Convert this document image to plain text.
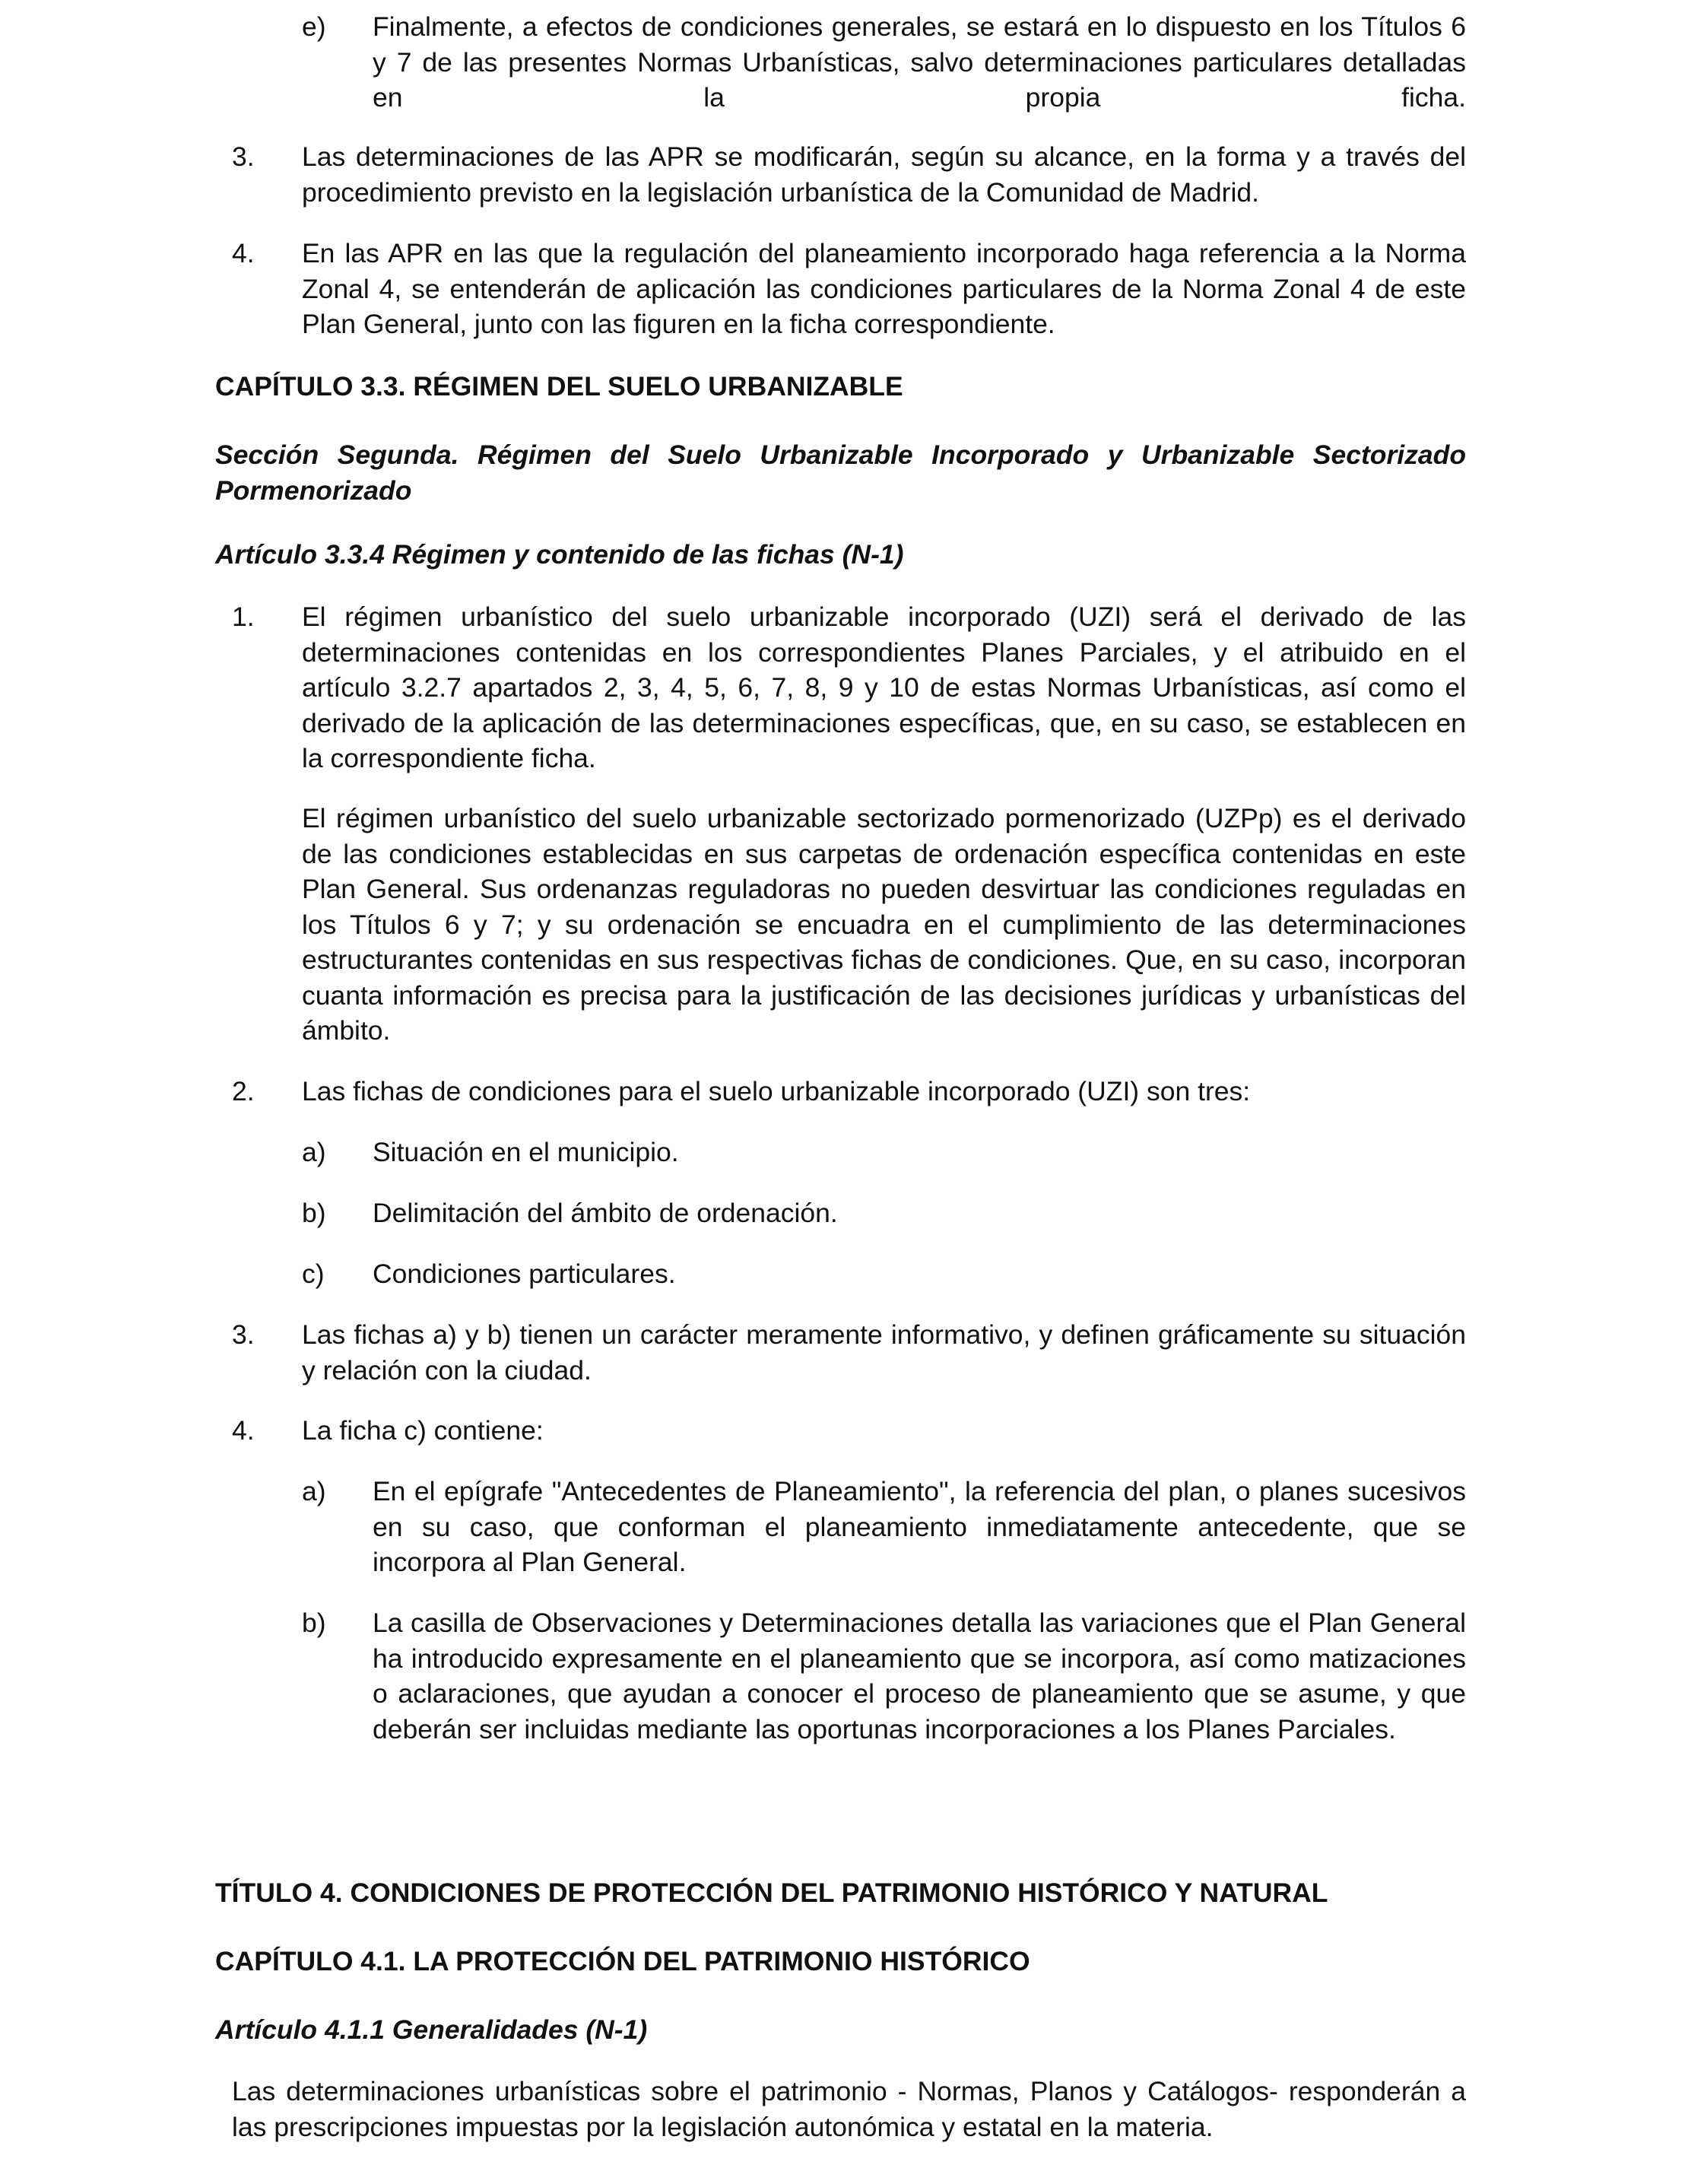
e) Finalmente, a efectos de condiciones generales, se estará en lo dispuesto en los Títulos 6 y 7 de las presentes Normas Urbanísticas, salvo determinaciones particulares detalladas en la propia ficha.

3. Las determinaciones de las APR se modificarán, según su alcance, en la forma y a través del procedimiento previsto en la legislación urbanística de la Comunidad de Madrid.

4. En las APR en las que la regulación del planeamiento incorporado haga referencia a la Norma Zonal 4, se entenderán de aplicación las condiciones particulares de la Norma Zonal 4 de este Plan General, junto con las figuren en la ficha correspondiente.

CAPÍTULO 3.3. RÉGIMEN DEL SUELO URBANIZABLE

Sección Segunda. Régimen del Suelo Urbanizable Incorporado y Urbanizable Sectorizado Pormenorizado

Artículo 3.3.4 Régimen y contenido de las fichas (N-1)

1. El régimen urbanístico del suelo urbanizable incorporado (UZI) será el derivado de las determinaciones contenidas en los correspondientes Planes Parciales, y el atribuido en el artículo 3.2.7 apartados 2, 3, 4, 5, 6, 7, 8, 9 y 10 de estas Normas Urbanísticas, así como el derivado de la aplicación de las determinaciones específicas, que, en su caso, se establecen en la correspondiente ficha.

El régimen urbanístico del suelo urbanizable sectorizado pormenorizado (UZPp) es el derivado de las condiciones establecidas en sus carpetas de ordenación específica contenidas en este Plan General. Sus ordenanzas reguladoras no pueden desvirtuar las condiciones reguladas en los Títulos 6 y 7; y su ordenación se encuadra en el cumplimiento de las determinaciones estructurantes contenidas en sus respectivas fichas de condiciones. Que, en su caso, incorporan cuanta información es precisa para la justificación de las decisiones jurídicas y urbanísticas del ámbito.

2. Las fichas de condiciones para el suelo urbanizable incorporado (UZI) son tres:

a) Situación en el municipio.

b) Delimitación del ámbito de ordenación.

c) Condiciones particulares.

3. Las fichas a) y b) tienen un carácter meramente informativo, y definen gráficamente su situación y relación con la ciudad.

4. La ficha c) contiene:

a) En el epígrafe "Antecedentes de Planeamiento", la referencia del plan, o planes sucesivos en su caso, que conforman el planeamiento inmediatamente antecedente, que se incorpora al Plan General.

b) La casilla de Observaciones y Determinaciones detalla las variaciones que el Plan General ha introducido expresamente en el planeamiento que se incorpora, así como matizaciones o aclaraciones, que ayudan a conocer el proceso de planeamiento que se asume, y que deberán ser incluidas mediante las oportunas incorporaciones a los Planes Parciales.

TÍTULO 4. CONDICIONES DE PROTECCIÓN DEL PATRIMONIO HISTÓRICO Y NATURAL

CAPÍTULO 4.1. LA PROTECCIÓN DEL PATRIMONIO HISTÓRICO

Artículo 4.1.1 Generalidades (N-1)

Las determinaciones urbanísticas sobre el patrimonio - Normas, Planos y Catálogos- responderán a las prescripciones impuestas por la legislación autonómica y estatal en la materia.
